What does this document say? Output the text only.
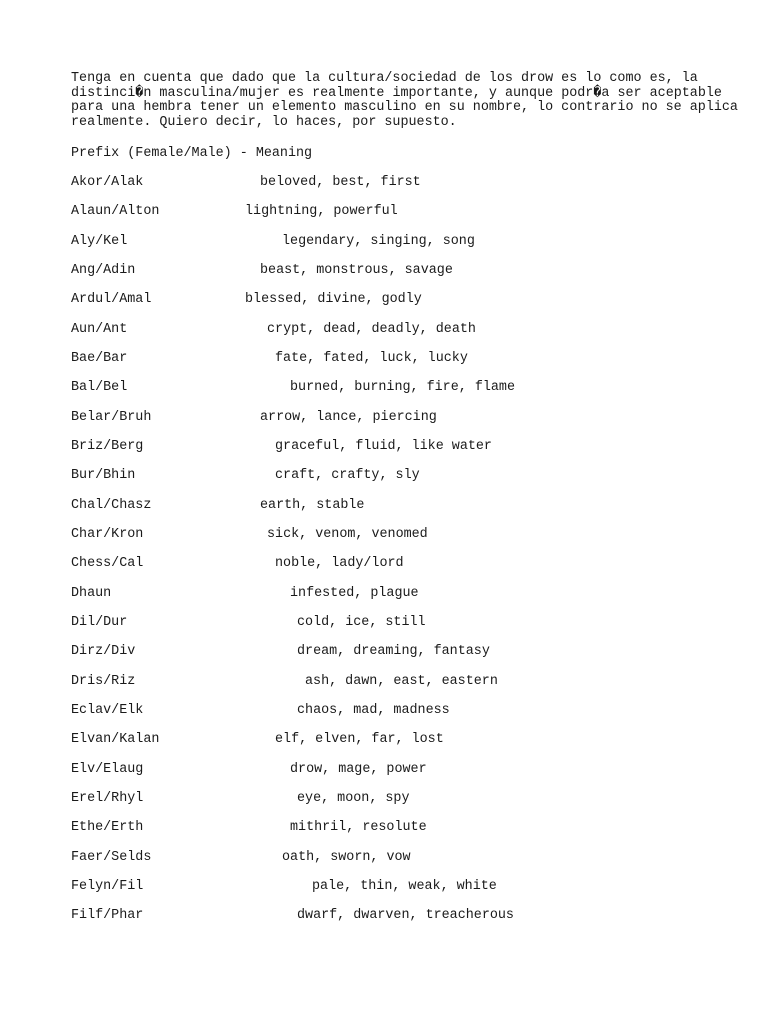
Tenga en cuenta que dado que la cultura/sociedad de los drow es lo como es, la
distinci�n masculina/mujer es realmente importante, y aunque podr�a ser aceptable
para una hembra tener un elemento masculino en su nombre, lo contrario no se aplica
realmente. Quiero decir, lo haces, por supuesto.
Prefix (Female/Male) - Meaning
Akor/Alak	beloved, best, first
Alaun/Alton	lightning, powerful
Aly/Kel	legendary, singing, song
Ang/Adin	beast, monstrous, savage
Ardul/Amal	blessed, divine, godly
Aun/Ant	crypt, dead, deadly, death
Bae/Bar	fate, fated, luck, lucky
Bal/Bel	burned, burning, fire, flame
Belar/Bruh	arrow, lance, piercing
Briz/Berg	graceful, fluid, like water
Bur/Bhin	craft, crafty, sly
Chal/Chasz	earth, stable
Char/Kron	sick, venom, venomed
Chess/Cal	noble, lady/lord
Dhaun	infested, plague
Dil/Dur	cold, ice, still
Dirz/Div	dream, dreaming, fantasy
Dris/Riz	ash, dawn, east, eastern
Eclav/Elk	chaos, mad, madness
Elvan/Kalan	elf, elven, far, lost
Elv/Elaug	drow, mage, power
Erel/Rhyl	eye, moon, spy
Ethe/Erth	mithril, resolute
Faer/Selds	oath, sworn, vow
Felyn/Fil	pale, thin, weak, white
Filf/Phar	dwarf, dwarven, treacherous
